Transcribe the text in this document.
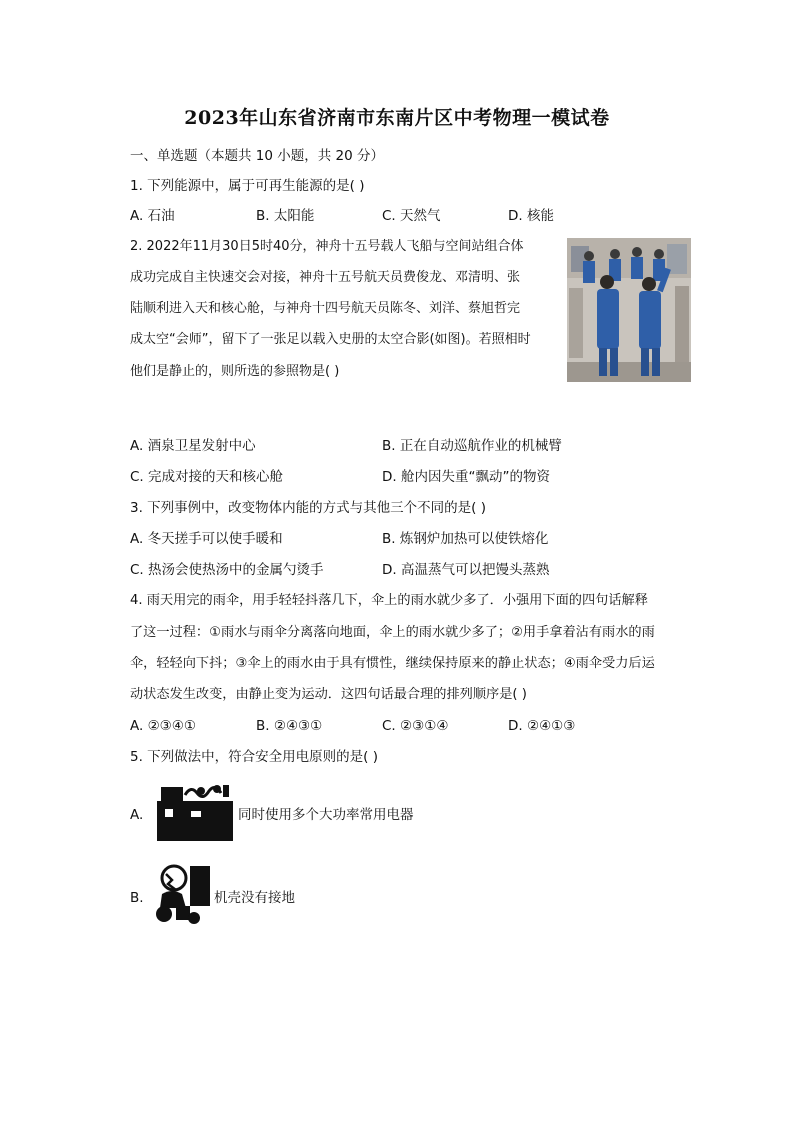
2023年山东省济南市东南片区中考物理一模试卷
一、单选题（本题共 10 小题，共 20 分）
1. 下列能源中，属于可再生能源的是( )
A. 石油	B. 太阳能	C. 天然气	D. 核能
2. 2022年11月30日5时40分，神舟十五号载人飞船与空间站组合体
成功完成自主快速交会对接，神舟十五号航天员费俊龙、邓清明、张
陆顺利进入天和核心舱，与神舟十四号航天员陈冬、刘洋、蔡旭哲完
成太空“会师”，留下了一张足以载入史册的太空合影(如图)。若照相时
他们是静止的，则所选的参照物是( )
A. 酒泉卫星发射中心	B. 正在自动巡航作业的机械臂
C. 完成对接的天和核心舱	D. 舱内因失重“飘动”的物资
3. 下列事例中，改变物体内能的方式与其他三个不同的是( )
A. 冬天搓手可以使手暖和	B. 炼钢炉加热可以使铁熔化
C. 热汤会使热汤中的金属勺烫手	D. 高温蒸气可以把馒头蒸熟
4. 雨天用完的雨伞，用手轻轻抖落几下，伞上的雨水就少多了．小强用下面的四句话解释
了这一过程：①雨水与雨伞分离落向地面，伞上的雨水就少多了；②用手拿着沾有雨水的雨
伞，轻轻向下抖；③伞上的雨水由于具有惯性，继续保持原来的静止状态；④雨伞受力后运
动状态发生改变，由静止变为运动．这四句话最合理的排列顺序是( )
A. ②③④①	B. ②④③①	C. ②③①④	D. ②④①③
5. 下列做法中，符合安全用电原则的是( )
A.	同时使用多个大功率常用电器
B.	机壳没有接地
